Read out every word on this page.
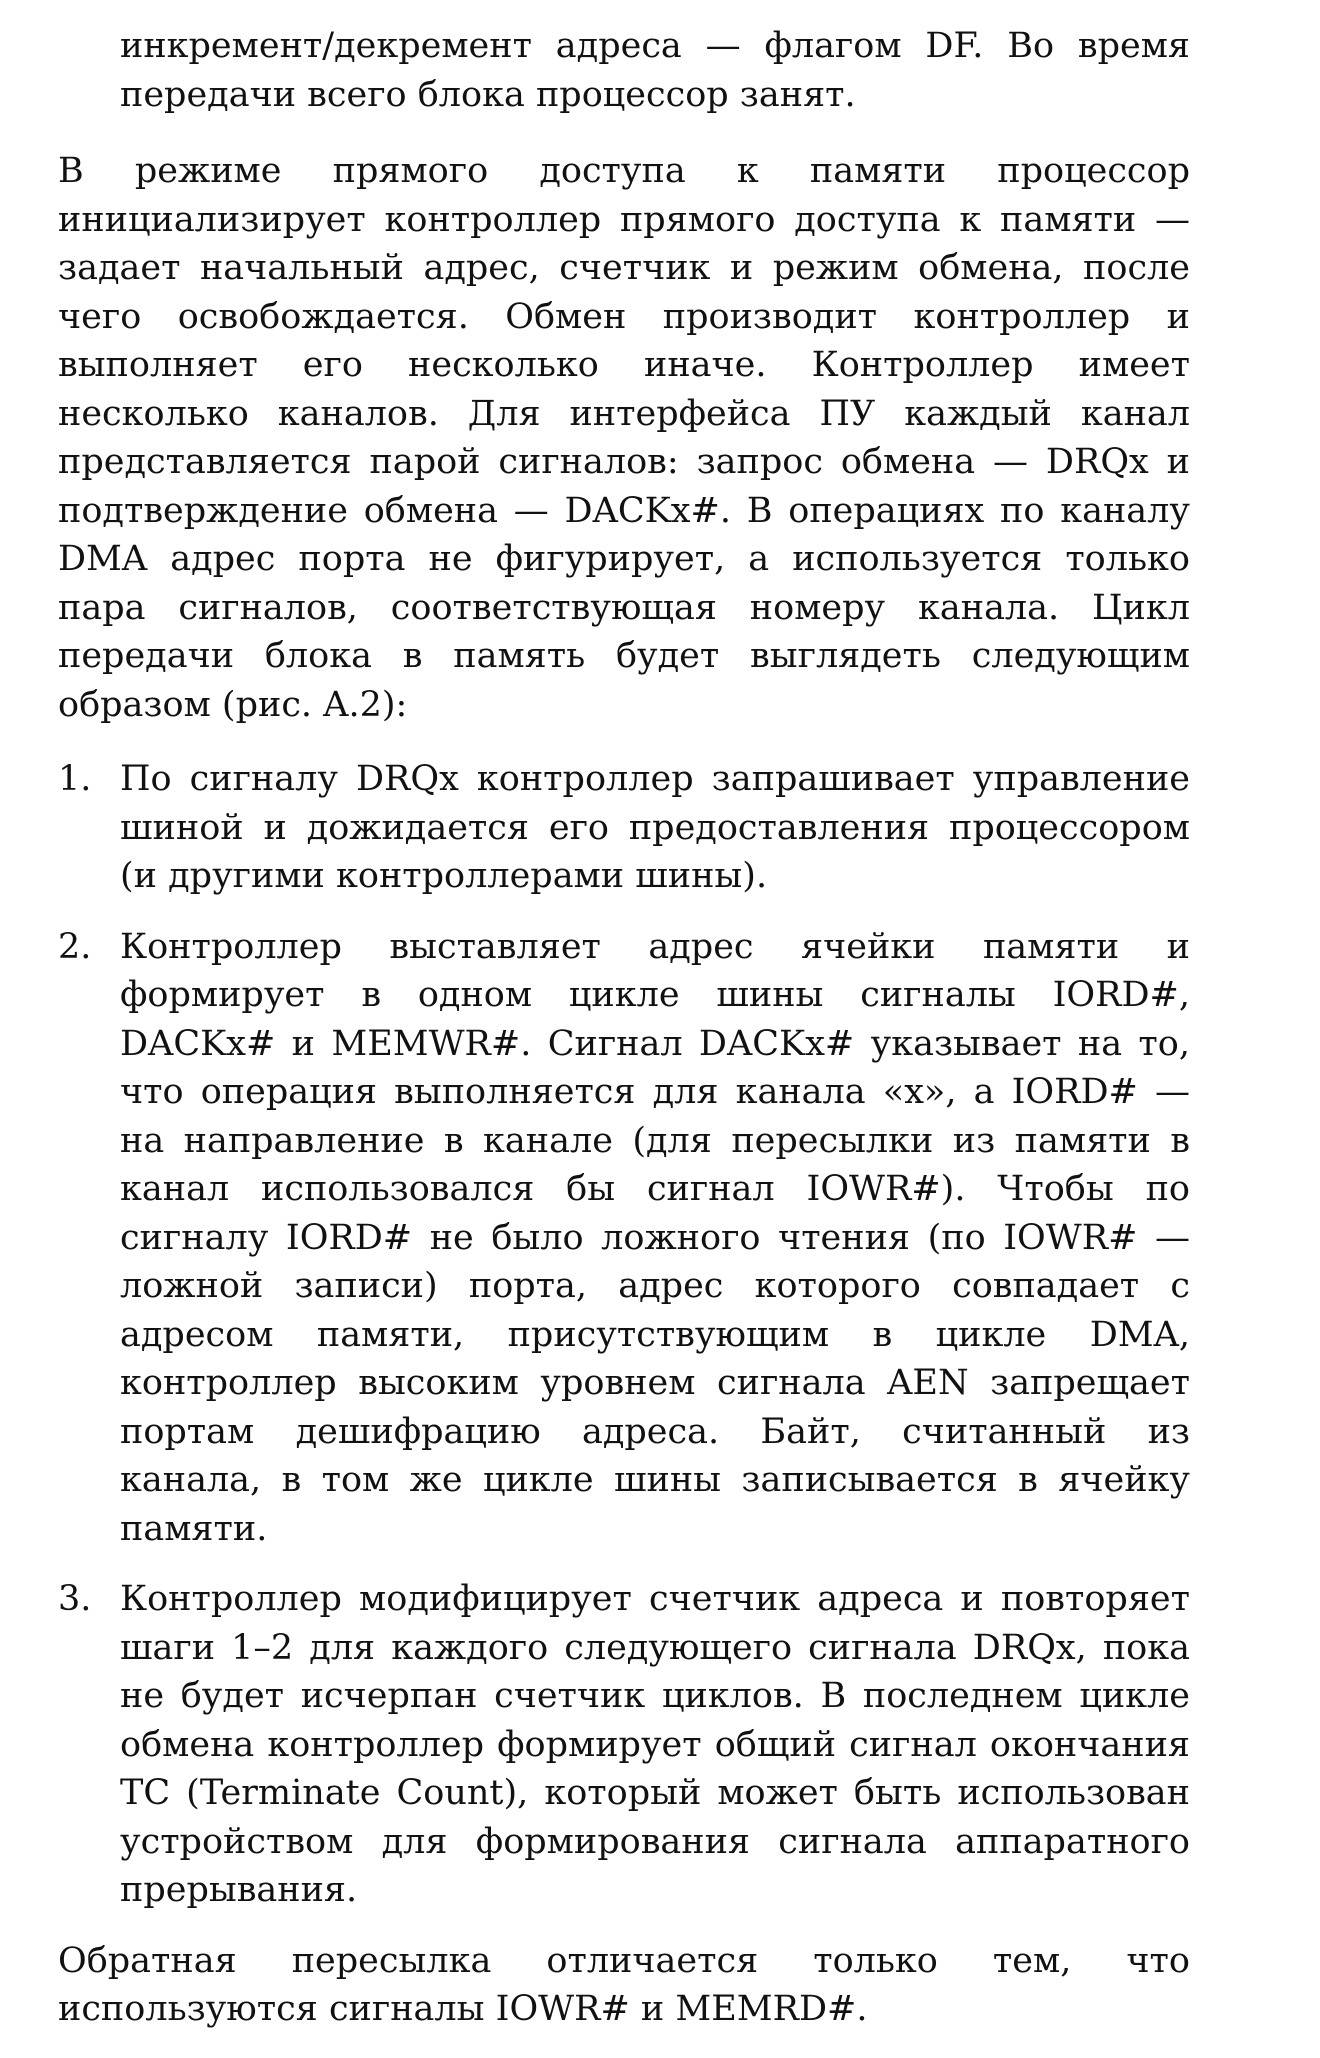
инкремент/декремент адреса — флагом DF. Во время передачи всего блока процессор занят.

В режиме прямого доступа к памяти процессор инициализирует контроллер прямого доступа к памяти — задает начальный адрес, счетчик и режим обмена, после чего освобождается. Обмен производит контроллер и выполняет его несколько иначе. Контроллер имеет несколько каналов. Для интерфейса ПУ каждый канал представляется парой сигналов: запрос обмена — DRQx и подтверждение обмена — DACKx#. В операциях по каналу DMA адрес порта не фигурирует, а используется только пара сигналов, соответствующая номеру канала. Цикл передачи блока в память будет выглядеть следующим образом (рис. A.2):

1. По сигналу DRQx контроллер запрашивает управление шиной и дожидается его предоставления процессором (и другими контроллерами шины).

2. Контроллер выставляет адрес ячейки памяти и формирует в одном цикле шины сигналы IORD#, DACKx# и MEMWR#. Сигнал DACKx# указывает на то, что операция выполняется для канала «x», а IORD# — на направление в канале (для пересылки из памяти в канал использовался бы сигнал IOWR#). Чтобы по сигналу IORD# не было ложного чтения (по IOWR# — ложной записи) порта, адрес которого совпадает с адресом памяти, присутствующим в цикле DMA, контроллер высоким уровнем сигнала AEN запрещает портам дешифрацию адреса. Байт, считанный из канала, в том же цикле шины записывается в ячейку памяти.

3. Контроллер модифицирует счетчик адреса и повторяет шаги 1–2 для каждого следующего сигнала DRQx, пока не будет исчерпан счетчик циклов. В последнем цикле обмена контроллер формирует общий сигнал окончания TC (Terminate Count), который может быть использован устройством для формирования сигнала аппаратного прерывания.

Обратная пересылка отличается только тем, что используются сигналы IOWR# и MEMRD#.
